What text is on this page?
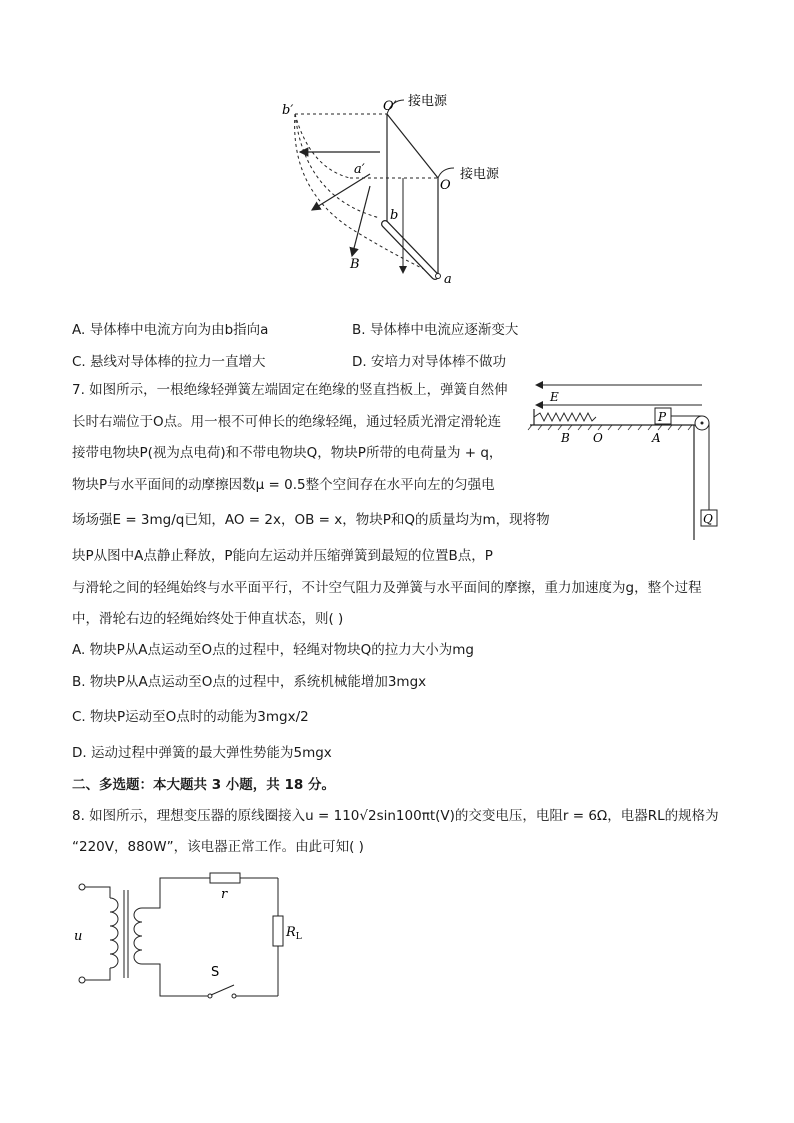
b′	O′ 接电源
a′
O
接电源
b
B
a
A. 导体棒中电流方向为由b指向a	B. 导体棒中电流应逐渐变大
C. 悬线对导体棒的拉力一直增大	D. 安培力对导体棒不做功
7. 如图所示，一根绝缘轻弹簧左端固定在绝缘的竖直挡板上，弹簧自然伸
长时右端位于O点。用一根不可伸长的绝缘轻绳，通过轻质光滑定滑轮连
接带电物块P(视为点电荷)和不带电物块Q，物块P所带的电荷量为 + q，
物块P与水平面间的动摩擦因数μ = 0.5整个空间存在水平向左的匀强电
场场强E = 3mg/q已知，AO = 2x，OB = x，物块P和Q的质量均为m，现将物
块P从图中A点静止释放，P能向左运动并压缩弹簧到最短的位置B点，P
与滑轮之间的轻绳始终与水平面平行，不计空气阻力及弹簧与水平面间的摩擦，重力加速度为g，整个过程
中，滑轮右边的轻绳始终处于伸直状态，则( )
E
P
Q
B O	A
A. 物块P从A点运动至O点的过程中，轻绳对物块Q的拉力大小为mg
B. 物块P从A点运动至O点的过程中，系统机械能增加3mgx
C. 物块P运动至O点时的动能为3mgx/2
D. 运动过程中弹簧的最大弹性势能为5mgx
二、多选题：本大题共 3 小题，共 18 分。
8. 如图所示，理想变压器的原线圈接入u = 110√2sin100πt(V)的交变电压，电阻r = 6Ω，电器RL的规格为
“220V，880W”，该电器正常工作。由此可知( )
u
r
$R_L$
S
